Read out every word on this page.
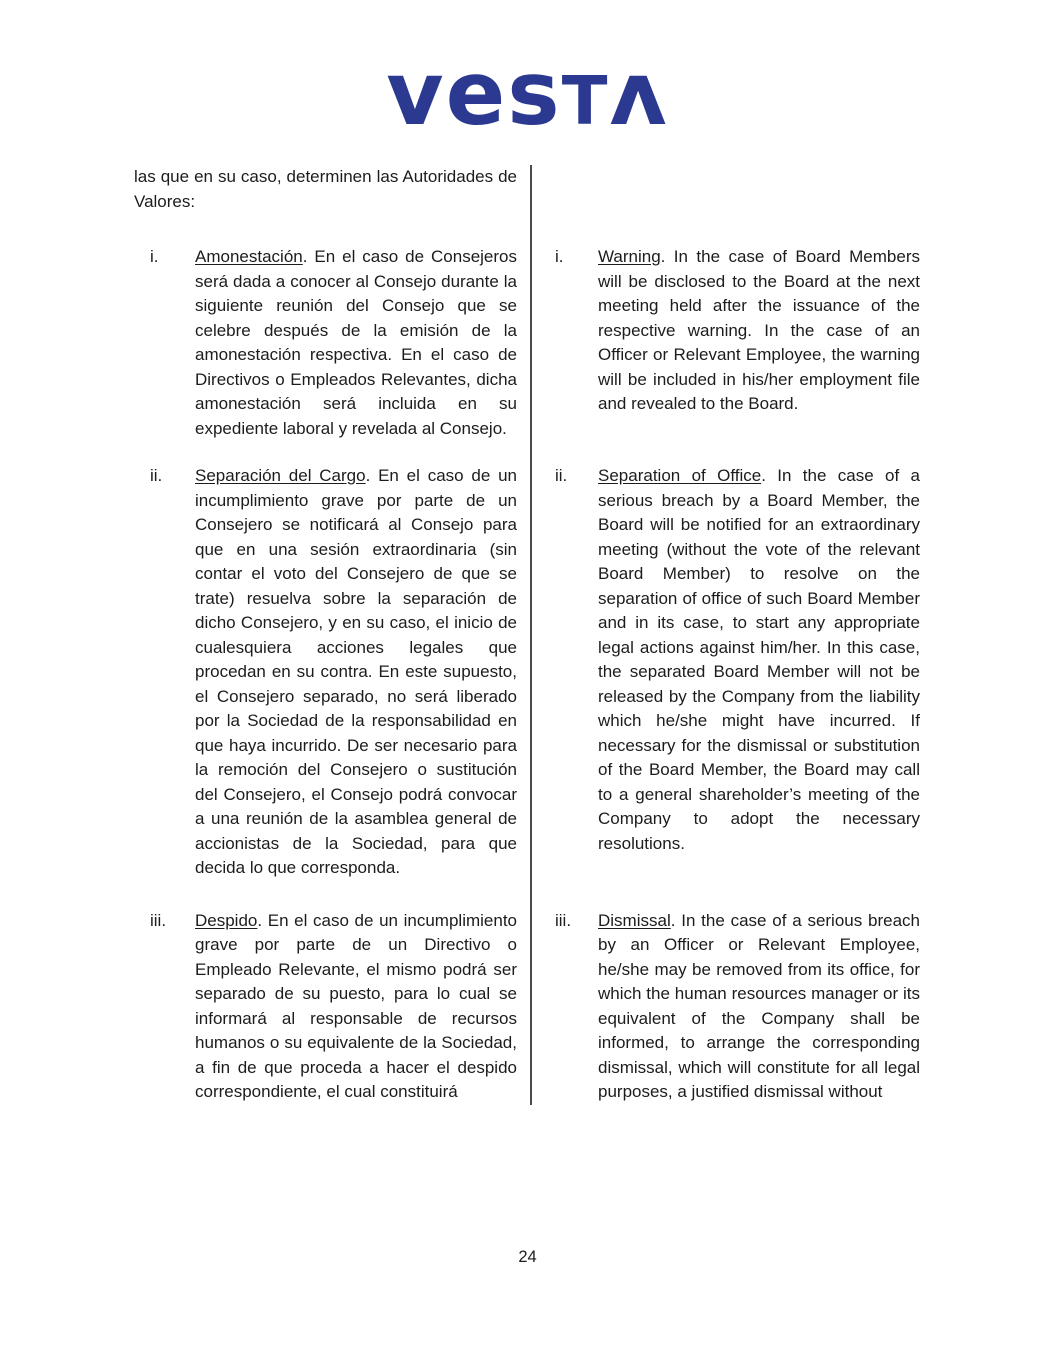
vesTʌ
las que en su caso, determinen las Autoridades de Valores:
i.	Amonestación. En el caso de Consejeros será dada a conocer al Consejo durante la siguiente reunión del Consejo que se celebre después de la emisión de la amonestación respectiva. En el caso de Directivos o Empleados Relevantes, dicha amonestación será incluida en su expediente laboral y revelada al Consejo.
i.	Warning. In the case of Board Members will be disclosed to the Board at the next meeting held after the issuance of the respective warning. In the case of an Officer or Relevant Employee, the warning will be included in his/her employment file and revealed to the Board.
ii.	Separación del Cargo. En el caso de un incumplimiento grave por parte de un Consejero se notificará al Consejo para que en una sesión extraordinaria (sin contar el voto del Consejero de que se trate) resuelva sobre la separación de dicho Consejero, y en su caso, el inicio de cualesquiera acciones legales que procedan en su contra. En este supuesto, el Consejero separado, no será liberado por la Sociedad de la responsabilidad en que haya incurrido. De ser necesario para la remoción del Consejero o sustitución del Consejero, el Consejo podrá convocar a una reunión de la asamblea general de accionistas de la Sociedad, para que decida lo que corresponda.
ii.	Separation of Office. In the case of a serious breach by a Board Member, the Board will be notified for an extraordinary meeting (without the vote of the relevant Board Member) to resolve on the separation of office of such Board Member and in its case, to start any appropriate legal actions against him/her. In this case, the separated Board Member will not be released by the Company from the liability which he/she might have incurred. If necessary for the dismissal or substitution of the Board Member, the Board may call to a general shareholder’s meeting of the Company to adopt the necessary resolutions.
iii.	Despido. En el caso de un incumplimiento grave por parte de un Directivo o Empleado Relevante, el mismo podrá ser separado de su puesto, para lo cual se informará al responsable de recursos humanos o su equivalente de la Sociedad, a fin de que proceda a hacer el despido correspondiente, el cual constituirá
iii.	Dismissal. In the case of a serious breach by an Officer or Relevant Employee, he/she may be removed from its office, for which the human resources manager or its equivalent of the Company shall be informed, to arrange the corresponding dismissal, which will constitute for all legal purposes, a justified dismissal without
24
